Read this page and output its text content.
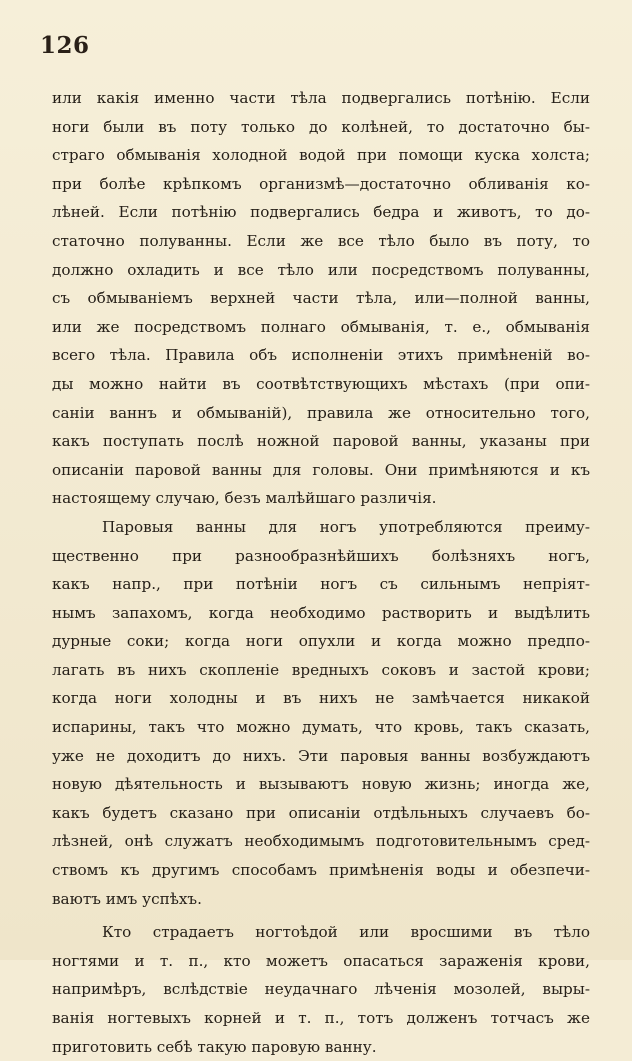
126
или какія именно части тѣла подвергались потѣнію. Если
ноги были въ поту только до колѣней, то достаточно бы-
страго обмыванія холодной водой при помощи куска холста;
при болѣе крѣпкомъ организмѣ—достаточно обливанія ко-
лѣней. Если потѣнію подвергались бедра и животъ, то до-
статочно полуванны. Если же все тѣло было въ поту, то
должно охладить и все тѣло или посредствомъ полуванны,
съ обмываніемъ верхней части тѣла, или—полной ванны,
или же посредствомъ полнаго обмыванія, т. е., обмыванія
всего тѣла. Правила объ исполненіи этихъ примѣненій во-
ды можно найти въ соотвѣтствующихъ мѣстахъ (при опи-
саніи ваннъ и обмываній), правила же относительно того,
какъ поступать послѣ ножной паровой ванны, указаны при
описаніи паровой ванны для головы. Они примѣняются и къ
настоящему случаю, безъ малѣйшаго различія.
Паровыя ванны для ногъ употребляются преиму-
щественно при разнообразнѣйшихъ болѣзняхъ ногъ,
какъ напр., при потѣніи ногъ съ сильнымъ непріят-
нымъ запахомъ, когда необходимо растворить и выдѣлить
дурные соки; когда ноги опухли и когда можно предпо-
лагать въ нихъ скопленіе вредныхъ соковъ и застой крови;
когда ноги холодны и въ нихъ не замѣчается никакой
испарины, такъ что можно думать, что кровь, такъ сказать,
уже не доходитъ до нихъ. Эти паровыя ванны возбуждаютъ
новую дѣятельность и вызываютъ новую жизнь; иногда же,
какъ будетъ сказано при описаніи отдѣльныхъ случаевъ бо-
лѣзней, онѣ служатъ необходимымъ подготовительнымъ сред-
ствомъ къ другимъ способамъ примѣненія воды и обезпечи-
ваютъ имъ успѣхъ.
Кто страдаетъ ногтоѣдой или вросшими въ тѣло
ногтями и т. п., кто можетъ опасаться зараженія крови,
напримѣръ, вслѣдствіе неудачнаго лѣченія мозолей, выры-
ванія ногтевыхъ корней и т. п., тотъ долженъ тотчасъ же
приготовить себѣ такую паровую ванну.
